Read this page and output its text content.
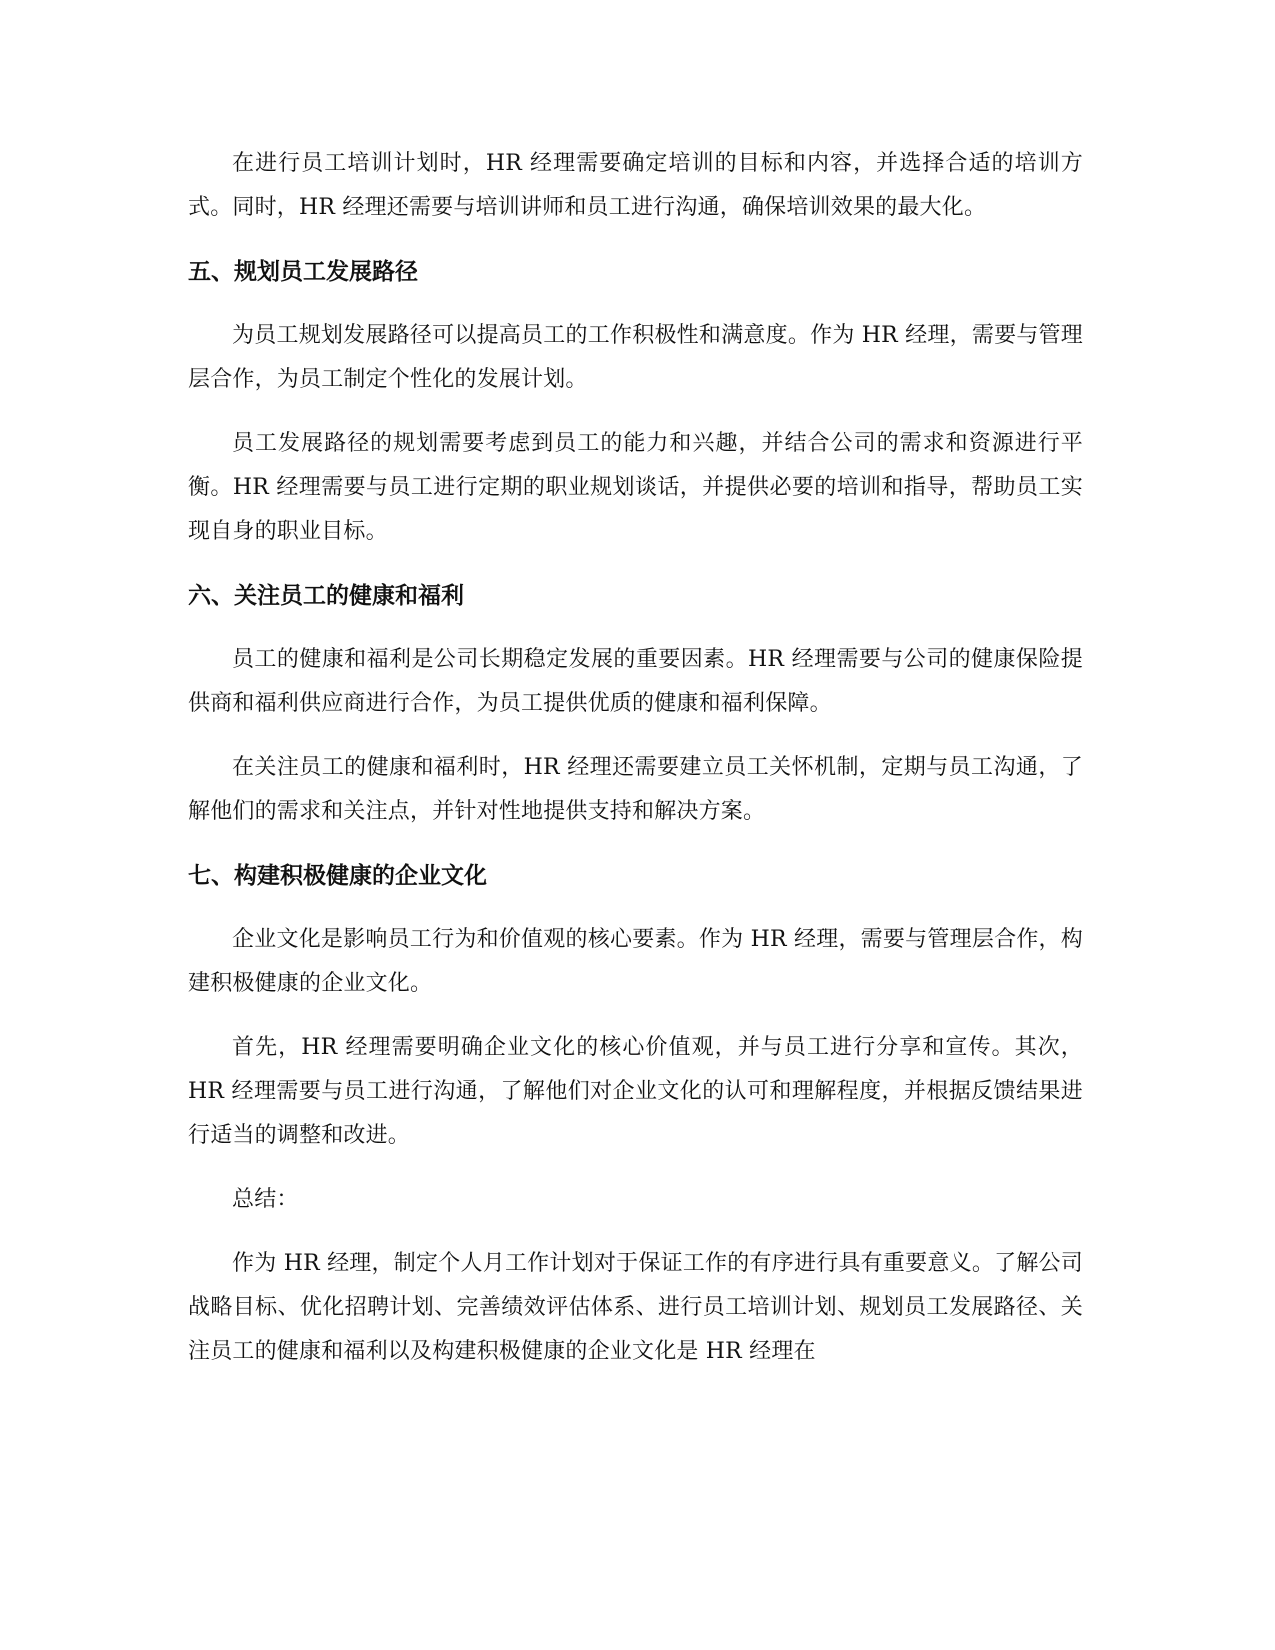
在进行员工培训计划时，HR 经理需要确定培训的目标和内容，并选择合适的培训方式。同时，HR 经理还需要与培训讲师和员工进行沟通，确保培训效果的最大化。

五、规划员工发展路径

为员工规划发展路径可以提高员工的工作积极性和满意度。作为 HR 经理，需要与管理层合作，为员工制定个性化的发展计划。

员工发展路径的规划需要考虑到员工的能力和兴趣，并结合公司的需求和资源进行平衡。HR 经理需要与员工进行定期的职业规划谈话，并提供必要的培训和指导，帮助员工实现自身的职业目标。

六、关注员工的健康和福利

员工的健康和福利是公司长期稳定发展的重要因素。HR 经理需要与公司的健康保险提供商和福利供应商进行合作，为员工提供优质的健康和福利保障。

在关注员工的健康和福利时，HR 经理还需要建立员工关怀机制，定期与员工沟通，了解他们的需求和关注点，并针对性地提供支持和解决方案。

七、构建积极健康的企业文化

企业文化是影响员工行为和价值观的核心要素。作为 HR 经理，需要与管理层合作，构建积极健康的企业文化。

首先，HR 经理需要明确企业文化的核心价值观，并与员工进行分享和宣传。其次，HR 经理需要与员工进行沟通，了解他们对企业文化的认可和理解程度，并根据反馈结果进行适当的调整和改进。

总结：

作为 HR 经理，制定个人月工作计划对于保证工作的有序进行具有重要意义。了解公司战略目标、优化招聘计划、完善绩效评估体系、进行员工培训计划、规划员工发展路径、关注员工的健康和福利以及构建积极健康的企业文化是 HR 经理在
